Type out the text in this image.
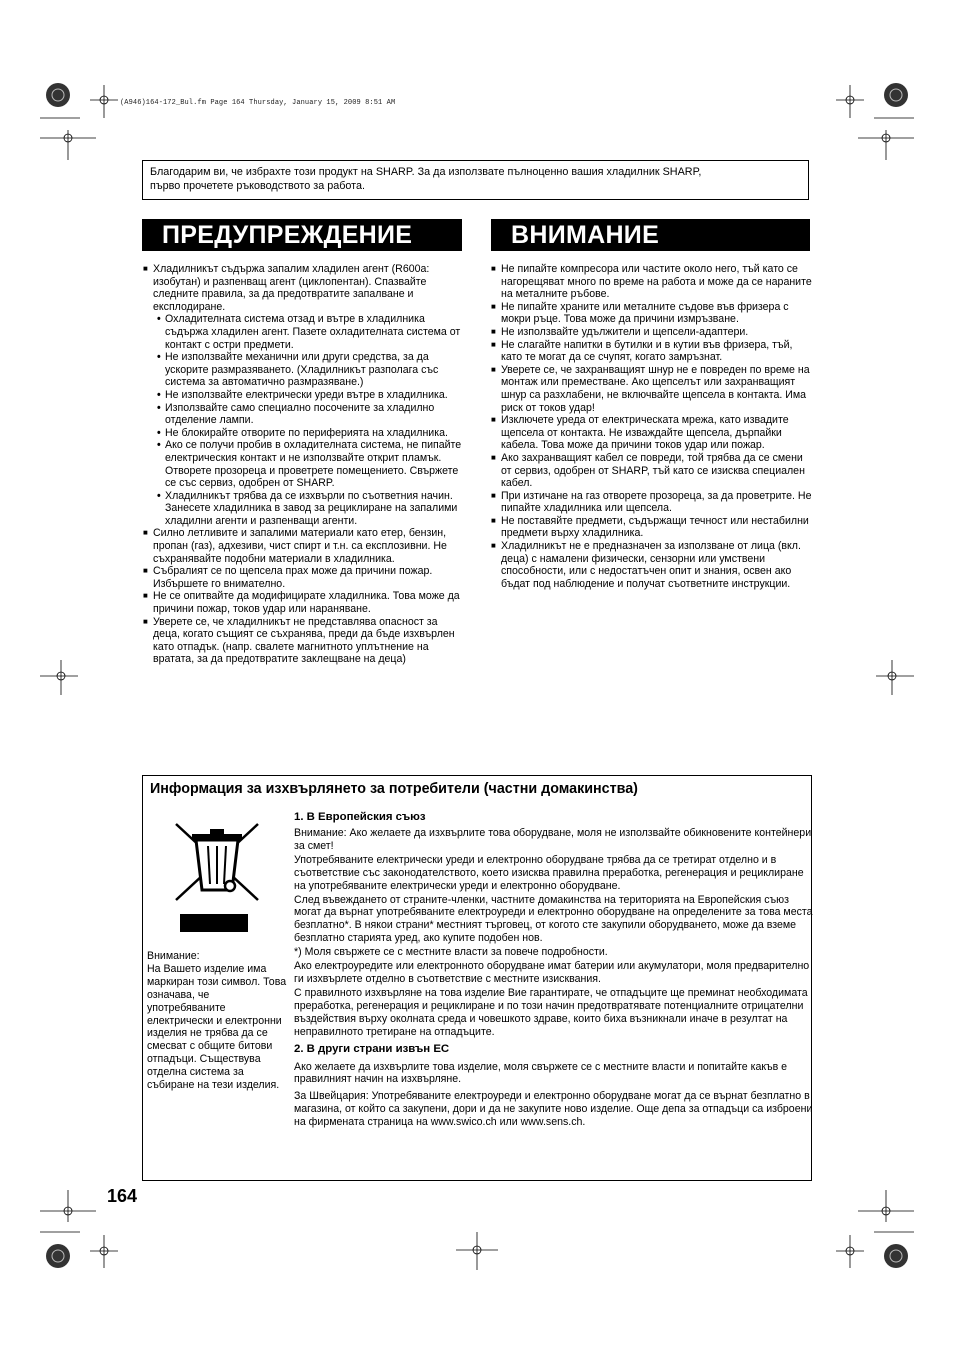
(A946)164-172_Bul.fm Page 164 Thursday, January 15, 2009 8:51 AM
Благодарим ви, че избрахте този продукт на SHARP. За да използвате пълноценно вашия хладилник SHARP,
първо прочетете ръководството за работа.
ПРЕДУПРЕЖДЕНИЕ	ВНИМАНИЕ
■ Хладилникът съдържа запалим хладилен агент (R600a: изобутан) и разпенващ агент (циклопентан). Спазвайте следните правила, за да предотвратите запалване и експлодиране.
• Охладителната система отзад и вътре в хладилника съдържа хладилен агент. Пазете охладителната система от контакт с остри предмети.
• Не използвайте механични или други средства, за да ускорите размразяването. (Хладилникът разполага със система за автоматично размразяване.)
• Не използвайте електрически уреди вътре в хладилника.
• Използвайте само специално посочените за хладилно отделение лампи.
• Не блокирайте отворите по периферията на хладилника.
• Ако се получи пробив в охладителната система, не пипайте електрическия контакт и не използвайте открит пламък. Отворете прозореца и проветрете помещението. Свържете се със сервиз, одобрен от SHARP.
• Хладилникът трябва да се изхвърли по съответния начин. Занесете хладилника в завод за рециклиране на запалими хладилни агенти и разпенващи агенти.
■ Силно летливите и запалими материали като етер, бензин, пропан (газ), адхезиви, чист спирт и т.н. са експлозивни. Не съхранявайте подобни материали в хладилника.
■ Събралият се по щепсела прах може да причини пожар. Избършете го внимателно.
■ Не се опитвайте да модифицирате хладилника. Това може да причини пожар, токов удар или нараняване.
■ Уверете се, че хладилникът не представлява опасност за деца, когато същият се съхранява, преди да бъде изхвърлен като отпадък. (напр. свалете магнитното уплътнение на вратата, за да предотвратите заклещване на деца)
■ Не пипайте компресора или частите около него, тъй като се нагорещяват много по време на работа и може да се нараните на металните ръбове.
■ Не пипайте храните или металните съдове във фризера с мокри ръце. Това може да причини измръзване.
■ Не използвайте удължители и щепсели-адаптери.
■ Не слагайте напитки в бутилки и в кутии във фризера, тъй, като те могат да се счупят, когато замръзнат.
■ Уверете се, че захранващият шнур не е повреден по време на монтаж или преместване. Ако щепселът или захранващият шнур са разхлабени, не включвайте щепсела в контакта. Има риск от токов удар!
■ Изключете уреда от електрическата мрежа, като извадите щепсела от контакта. Не изваждайте щепсела, дърпайки кабела. Това може да причини токов удар или пожар.
■ Ако захранващият кабел се повреди, той трябва да се смени от сервиз, одобрен от SHARP, тъй като се изисква специален кабел.
■ При изтичане на газ отворете прозореца, за да проветрите. Не пипайте хладилника или щепсела.
■ Не поставяйте предмети, съдържащи течност или нестабилни предмети върху хладилника.
■ Хладилникът не е предназначен за използване от лица (вкл. деца) с намалени физически, сензорни или умствени способности, или с недостатъчен опит и знания, освен ако бъдат под наблюдение и получат съответните инструкции.
Информация за изхвърлянето за потребители (частни домакинства)
Внимание:
На Вашето изделие има маркиран този символ. Това означава, че употребяваните електрически и електронни изделия не трябва да се смесват с общите битови отпадъци. Съществува отделна система за събиране на тези изделия.
1. В Европейския съюз

Внимание: Ако желаете да изхвърлите това оборудване, моля не използвайте обикновените контейнери за смет!

Употребяваните електрически уреди и електронно оборудване трябва да се третират отделно и в съответствие със законодателството, което изисква правилна преработка, регенерация и рециклиране на употребяваните електрически уреди и електронно оборудване.

След въвеждането от страните-членки, частните домакинства на територията на Европейския съюз могат да върнат употребяваните електроуреди и електронно оборудване на определените за това места безплатно*. В някои страни* местният търговец, от когото сте закупили оборудването, може да вземе безплатно старията уред, ако купите подобен нов.

*) Моля свържете се с местните власти за повече подробности.

Ако електроуредите или електронното оборудване имат батерии или акумулатори, моля предварително ги изхвърлете отделно в съответствие с местните изисквания.

С правилното изхвърляне на това изделие Вие гарантирате, че отпадъците ще преминат необходимата преработка, регенерация и рециклиране и по този начин предотвратявате потенциалните отрицателни въздействия върху околната среда и човешкото здраве, които биха възникнали иначе в резултат на неправилното третиране на отпадъците.

2. В други страни извън ЕС

Ако желаете да изхвърлите това изделие, моля свържете се с местните власти и попитайте какъв е правилният начин на изхвърляне.

За Швейцария: Употребяваните електроуреди и електронно оборудване могат да се върнат безплатно в магазина, от който са закупени, дори и да не закупите ново изделие. Още депа за отпадъци са изброени на фирмената страница на www.swico.ch или www.sens.ch.

164
